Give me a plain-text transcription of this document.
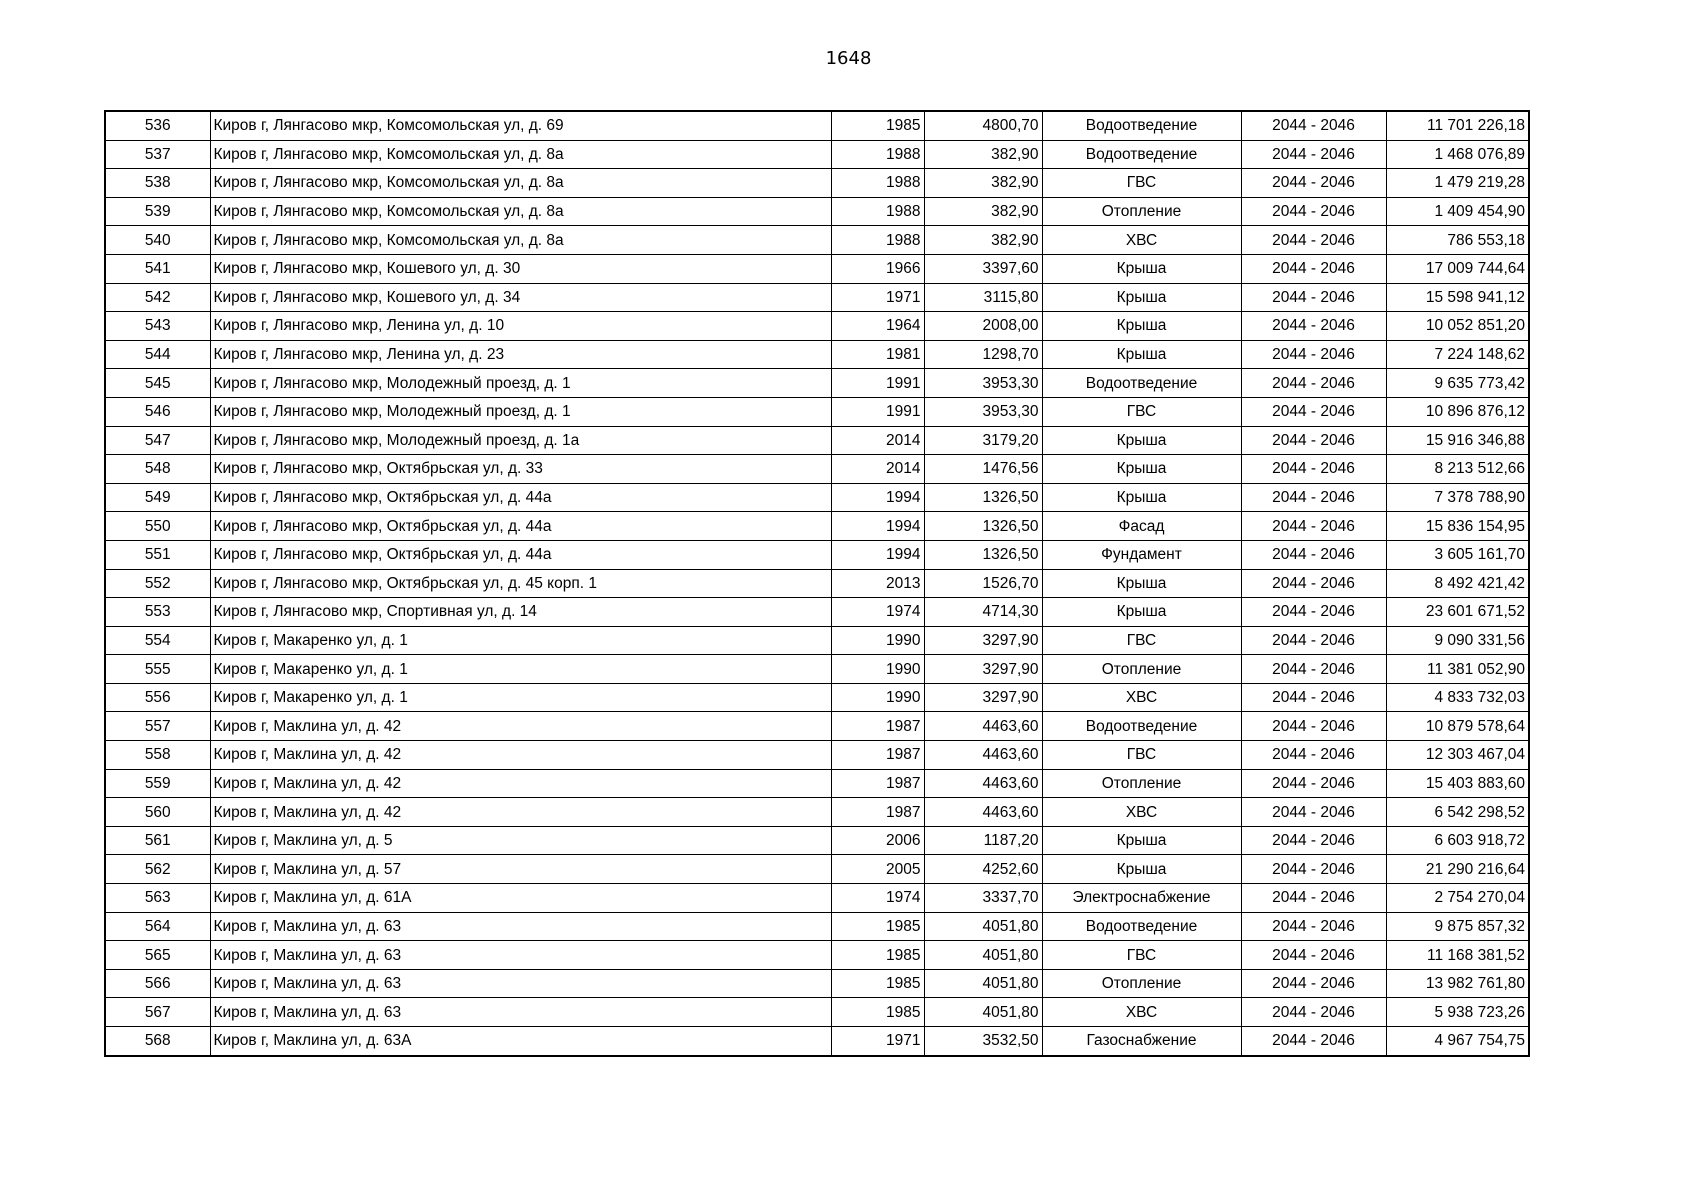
1648
536	Киров г, Лянгасово мкр, Комсомольская ул, д. 69	1985	4800,70	Водоотведение	2044 - 2046	11 701 226,18
537	Киров г, Лянгасово мкр, Комсомольская ул, д. 8а	1988	382,90	Водоотведение	2044 - 2046	1 468 076,89
538	Киров г, Лянгасово мкр, Комсомольская ул, д. 8а	1988	382,90	ГВС	2044 - 2046	1 479 219,28
539	Киров г, Лянгасово мкр, Комсомольская ул, д. 8а	1988	382,90	Отопление	2044 - 2046	1 409 454,90
540	Киров г, Лянгасово мкр, Комсомольская ул, д. 8а	1988	382,90	ХВС	2044 - 2046	786 553,18
541	Киров г, Лянгасово мкр, Кошевого ул, д. 30	1966	3397,60	Крыша	2044 - 2046	17 009 744,64
542	Киров г, Лянгасово мкр, Кошевого ул, д. 34	1971	3115,80	Крыша	2044 - 2046	15 598 941,12
543	Киров г, Лянгасово мкр, Ленина ул, д. 10	1964	2008,00	Крыша	2044 - 2046	10 052 851,20
544	Киров г, Лянгасово мкр, Ленина ул, д. 23	1981	1298,70	Крыша	2044 - 2046	7 224 148,62
545	Киров г, Лянгасово мкр, Молодежный проезд, д. 1	1991	3953,30	Водоотведение	2044 - 2046	9 635 773,42
546	Киров г, Лянгасово мкр, Молодежный проезд, д. 1	1991	3953,30	ГВС	2044 - 2046	10 896 876,12
547	Киров г, Лянгасово мкр, Молодежный проезд, д. 1а	2014	3179,20	Крыша	2044 - 2046	15 916 346,88
548	Киров г, Лянгасово мкр, Октябрьская ул, д. 33	2014	1476,56	Крыша	2044 - 2046	8 213 512,66
549	Киров г, Лянгасово мкр, Октябрьская ул, д. 44а	1994	1326,50	Крыша	2044 - 2046	7 378 788,90
550	Киров г, Лянгасово мкр, Октябрьская ул, д. 44а	1994	1326,50	Фасад	2044 - 2046	15 836 154,95
551	Киров г, Лянгасово мкр, Октябрьская ул, д. 44а	1994	1326,50	Фундамент	2044 - 2046	3 605 161,70
552	Киров г, Лянгасово мкр, Октябрьская ул, д. 45 корп. 1	2013	1526,70	Крыша	2044 - 2046	8 492 421,42
553	Киров г, Лянгасово мкр, Спортивная ул, д. 14	1974	4714,30	Крыша	2044 - 2046	23 601 671,52
554	Киров г, Макаренко ул, д. 1	1990	3297,90	ГВС	2044 - 2046	9 090 331,56
555	Киров г, Макаренко ул, д. 1	1990	3297,90	Отопление	2044 - 2046	11 381 052,90
556	Киров г, Макаренко ул, д. 1	1990	3297,90	ХВС	2044 - 2046	4 833 732,03
557	Киров г, Маклина ул, д. 42	1987	4463,60	Водоотведение	2044 - 2046	10 879 578,64
558	Киров г, Маклина ул, д. 42	1987	4463,60	ГВС	2044 - 2046	12 303 467,04
559	Киров г, Маклина ул, д. 42	1987	4463,60	Отопление	2044 - 2046	15 403 883,60
560	Киров г, Маклина ул, д. 42	1987	4463,60	ХВС	2044 - 2046	6 542 298,52
561	Киров г, Маклина ул, д. 5	2006	1187,20	Крыша	2044 - 2046	6 603 918,72
562	Киров г, Маклина ул, д. 57	2005	4252,60	Крыша	2044 - 2046	21 290 216,64
563	Киров г, Маклина ул, д. 61А	1974	3337,70	Электроснабжение	2044 - 2046	2 754 270,04
564	Киров г, Маклина ул, д. 63	1985	4051,80	Водоотведение	2044 - 2046	9 875 857,32
565	Киров г, Маклина ул, д. 63	1985	4051,80	ГВС	2044 - 2046	11 168 381,52
566	Киров г, Маклина ул, д. 63	1985	4051,80	Отопление	2044 - 2046	13 982 761,80
567	Киров г, Маклина ул, д. 63	1985	4051,80	ХВС	2044 - 2046	5 938 723,26
568	Киров г, Маклина ул, д. 63А	1971	3532,50	Газоснабжение	2044 - 2046	4 967 754,75
